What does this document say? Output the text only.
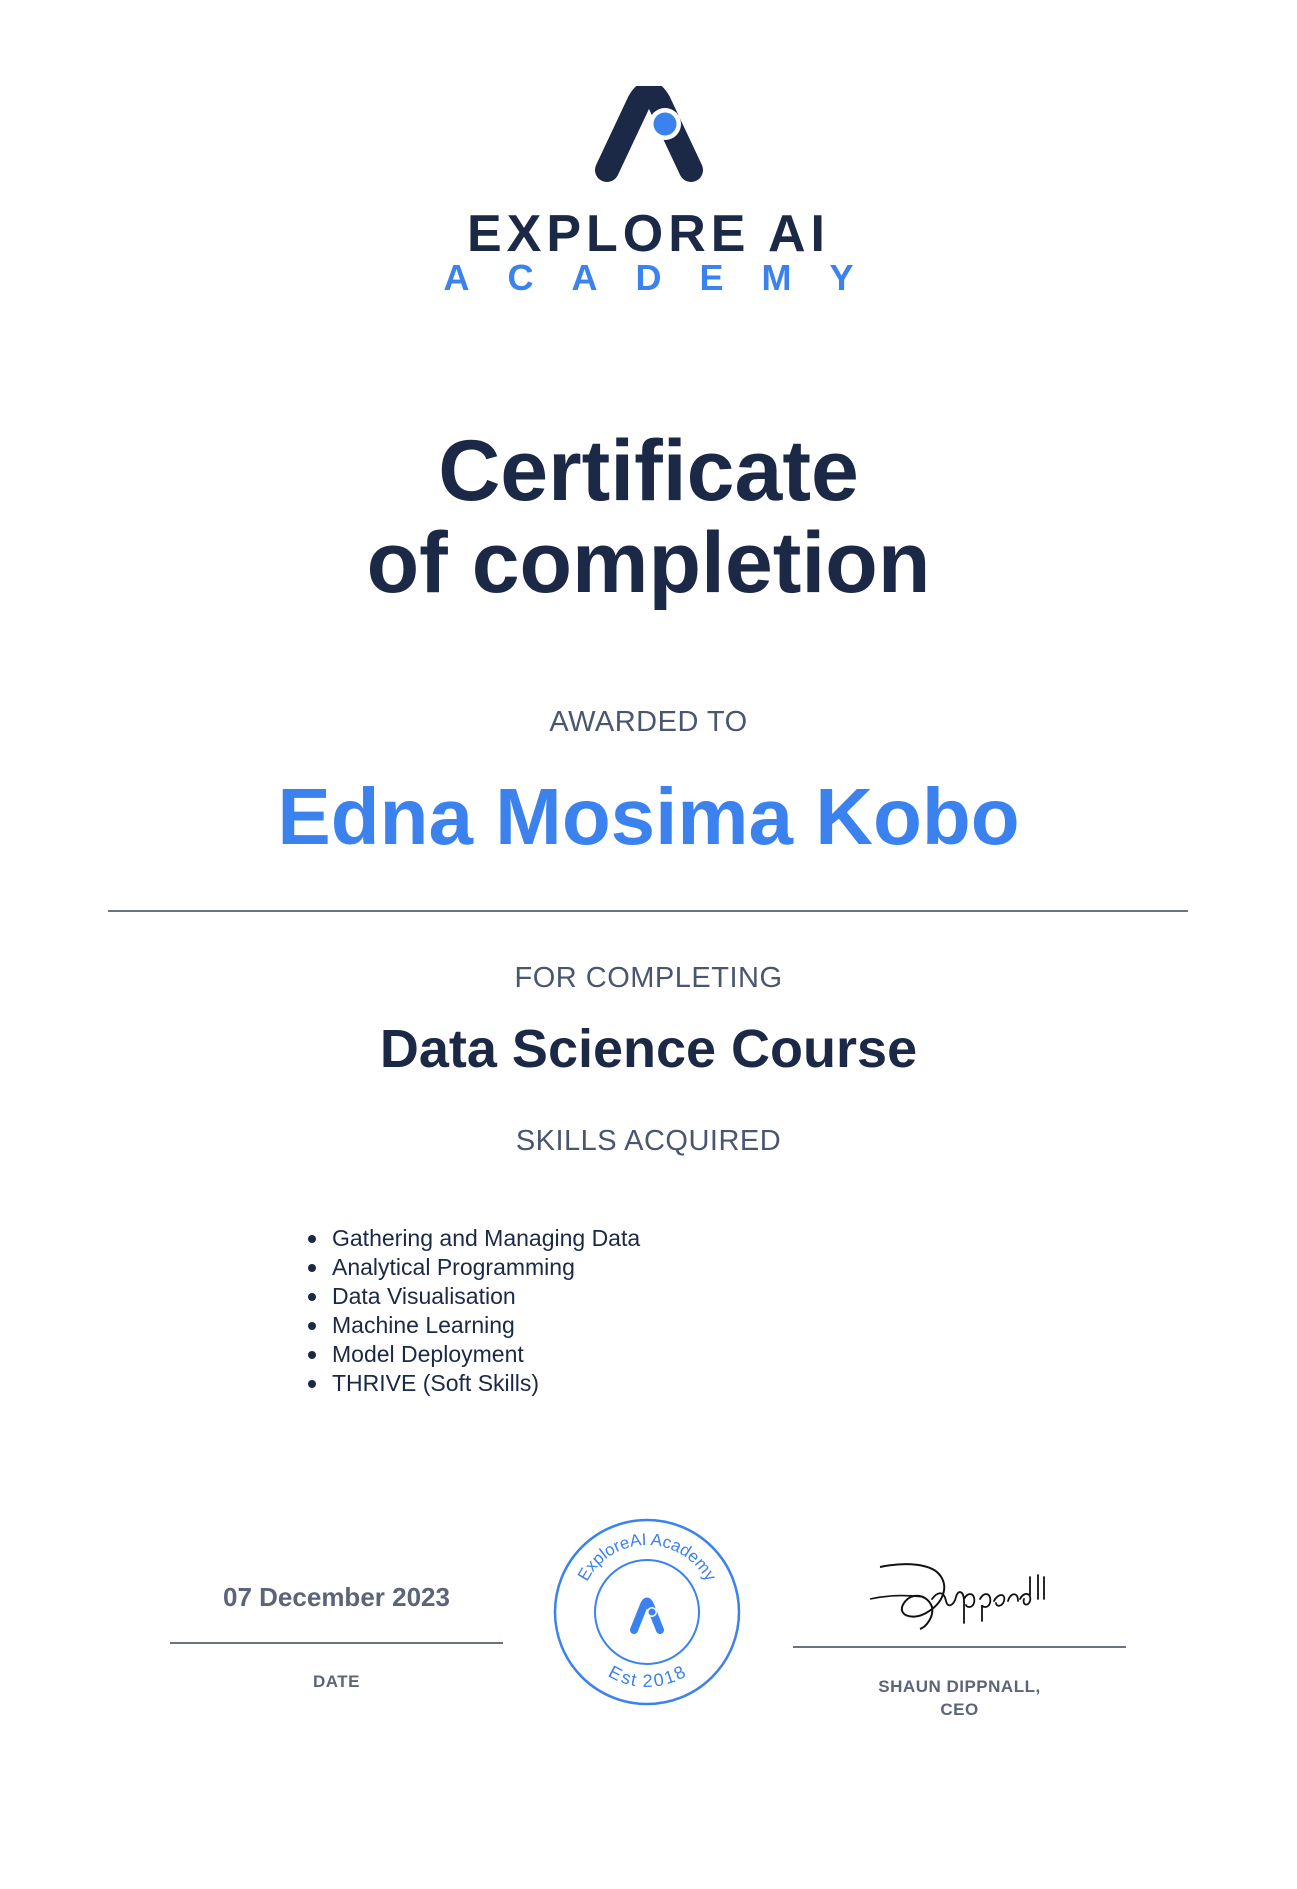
EXPLORE AI
ACADEMY
Certificate
of completion
AWARDED TO
Edna Mosima Kobo
FOR COMPLETING
Data Science Course
SKILLS ACQUIRED
Gathering and Managing Data
Analytical Programming
Data Visualisation
Machine Learning
Model Deployment
THRIVE (Soft Skills)
07 December 2023
DATE
ExploreAI Academy
Est 2018
SHAUN DIPPNALL,
CEO
